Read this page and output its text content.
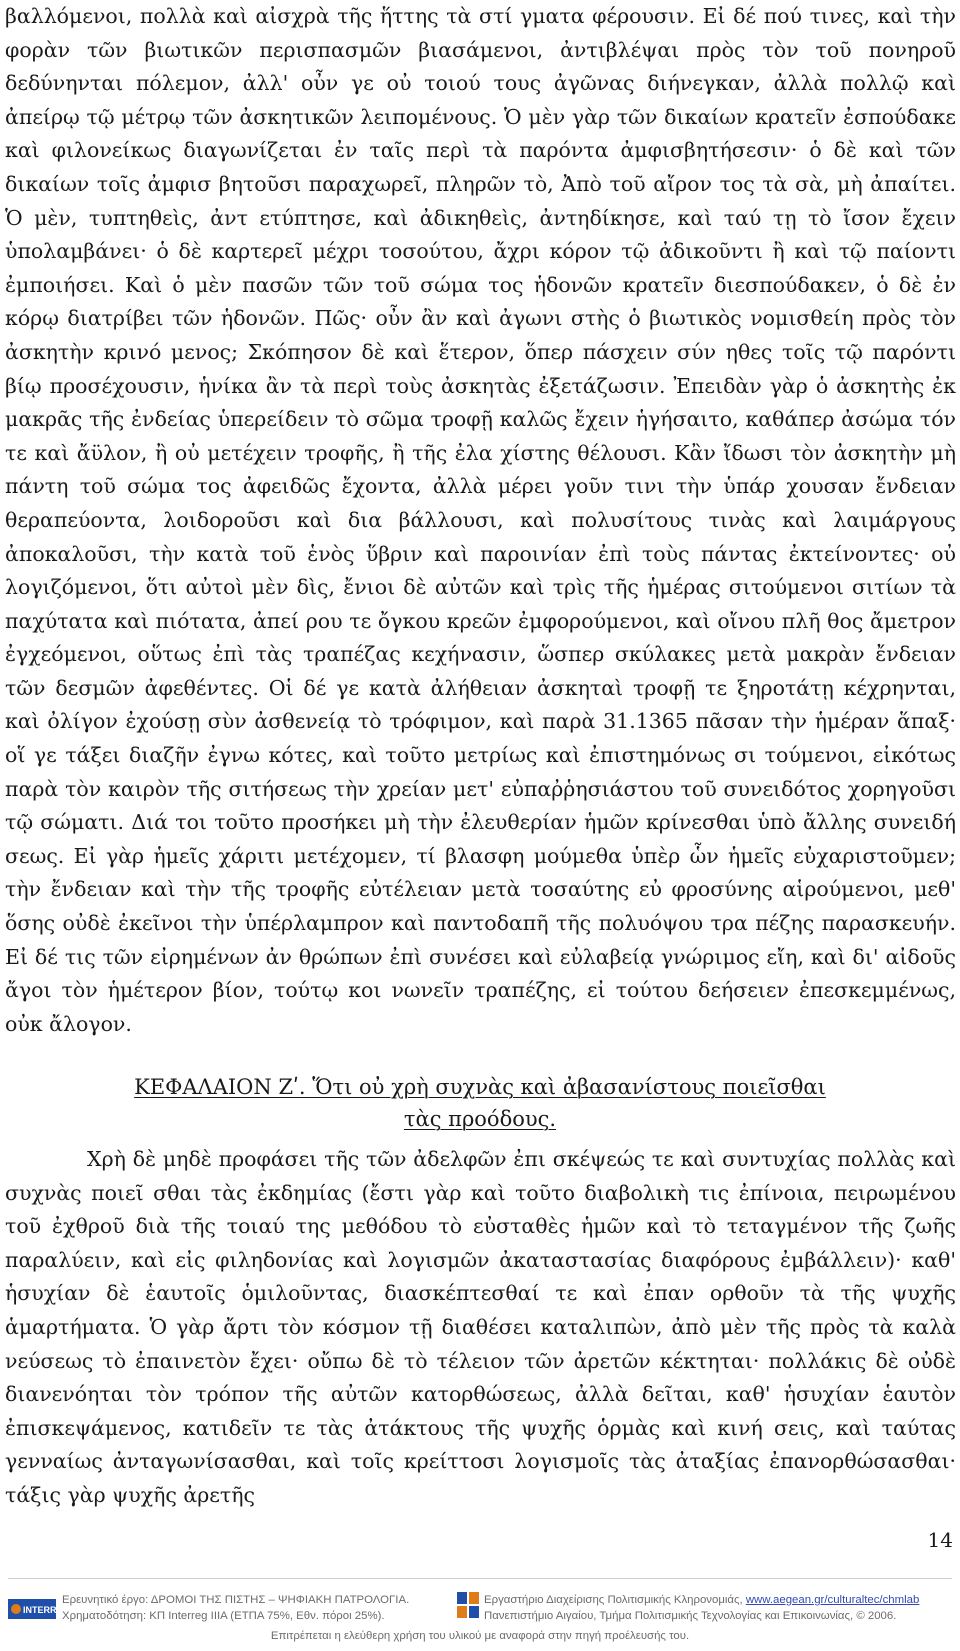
βαλλόμενοι, πολλὰ καὶ αἰσχρὰ τῆς ἥττης τὰ στί γματα φέρουσιν. Εἰ δέ πού τινες, καὶ τὴν φορὰν τῶν βιωτικῶν περισπασμῶν βιασάμενοι, ἀντιβλέψαι πρὸς τὸν τοῦ πονηροῦ δεδύνηνται πόλεμον, ἀλλ' οὖν γε οὐ τοιού τους ἀγῶνας διήνεγκαν, ἀλλὰ πολλῷ καὶ ἀπείρῳ τῷ μέτρῳ τῶν ἀσκητικῶν λειπομένους. Ὁ μὲν γὰρ τῶν δικαίων κρατεῖν ἐσπούδακε καὶ φιλονείκως διαγωνίζεται ἐν ταῖς περὶ τὰ παρόντα ἀμφισβητήσεσιν· ὁ δὲ καὶ τῶν δικαίων τοῖς ἀμφισ βητοῦσι παραχωρεῖ, πληρῶν τὸ, Ἀπὸ τοῦ αἴρον τος τὰ σὰ, μὴ ἀπαίτει. Ὁ μὲν, τυπτηθεὶς, ἀντ ετύπτησε, καὶ ἀδικηθεὶς, ἀντηδίκησε, καὶ ταύ τῃ τὸ ἴσον ἔχειν ὑπολαμβάνει· ὁ δὲ καρτερεῖ μέχρι τοσούτου, ἄχρι κόρον τῷ ἀδικοῦντι ἢ καὶ τῷ παίοντι ἐμποιήσει. Καὶ ὁ μὲν πασῶν τῶν τοῦ σώμα τος ἡδονῶν κρατεῖν διεσπούδακεν, ὁ δὲ ἐν κόρῳ διατρίβει τῶν ἡδονῶν. Πῶς· οὖν ἂν καὶ ἀγωνι στὴς ὁ βιωτικὸς νομισθείη πρὸς τὸν ἀσκητὴν κρινό μενος; Σκόπησον δὲ καὶ ἕτερον, ὅπερ πάσχειν σύν ηθες τοῖς τῷ παρόντι βίῳ προσέχουσιν, ἡνίκα ἂν τὰ περὶ τοὺς ἀσκητὰς ἐξετάζωσιν. Ἐπειδὰν γὰρ ὁ ἀσκητὴς ἐκ μακρᾶς τῆς ἐνδείας ὑπερείδειν τὸ σῶμα τροφῇ καλῶς ἔχειν ἡγήσαιτο, καθάπερ ἀσώμα τόν τε καὶ ἄϋλον, ἢ οὐ μετέχειν τροφῆς, ἢ τῆς ἐλα χίστης θέλουσι. Κἂν ἴδωσι τὸν ἀσκητὴν μὴ πάντη τοῦ σώμα τος ἀφειδῶς ἔχοντα, ἀλλὰ μέρει γοῦν τινι τὴν ὑπάρ χουσαν ἔνδειαν θεραπεύοντα, λοιδοροῦσι καὶ δια βάλλουσι, καὶ πολυσίτους τινὰς καὶ λαιμάργους ἀποκαλοῦσι, τὴν κατὰ τοῦ ἑνὸς ὕβριν καὶ παροινίαν ἐπὶ τοὺς πάντας ἐκτείνοντες· οὐ λογιζόμενοι, ὅτι αὐτοὶ μὲν δὶς, ἔνιοι δὲ αὐτῶν καὶ τρὶς τῆς ἡμέρας σιτούμενοι σιτίων τὰ παχύτατα καὶ πιότατα, ἀπεί ρου τε ὄγκου κρεῶν ἐμφορούμενοι, καὶ οἴνου πλῆ θος ἄμετρον ἐγχεόμενοι, οὕτως ἐπὶ τὰς τραπέζας κεχήνασιν, ὥσπερ σκύλακες μετὰ μακρὰν ἔνδειαν τῶν δεσμῶν ἀφεθέντες. Οἱ δέ γε κατὰ ἀλήθειαν ἀσκηταὶ τροφῇ τε ξηροτάτῃ κέχρηνται, καὶ ὀλίγον ἐχούσῃ σὺν ἀσθενείᾳ τὸ τρόφιμον, καὶ παρὰ 31.1365 πᾶσαν τὴν ἡμέραν ἅπαξ· οἵ γε τάξει διαζῆν ἐγνω κότες, καὶ τοῦτο μετρίως καὶ ἐπιστημόνως σι τούμενοι, εἰκότως παρὰ τὸν καιρὸν τῆς σιτήσεως τὴν χρείαν μετ' εὐπαῤῥησιάστου τοῦ συνειδότος χορηγοῦσι τῷ σώματι. Διά τοι τοῦτο προσήκει μὴ τὴν ἐλευθερίαν ἡμῶν κρίνεσθαι ὑπὸ ἄλλης συνειδή σεως. Εἰ γὰρ ἡμεῖς χάριτι μετέχομεν, τί βλασφη μούμεθα ὑπὲρ ὧν ἡμεῖς εὐχαριστοῦμεν; τὴν ἔνδειαν καὶ τὴν τῆς τροφῆς εὐτέλειαν μετὰ τοσαύτης εὐ φροσύνης αἱρούμενοι, μεθ' ὅσης οὐδὲ ἐκεῖνοι τὴν ὑπέρλαμπρον καὶ παντοδαπῆ τῆς πολυόψου τρα πέζης παρασκευήν. Εἰ δέ τις τῶν εἰρημένων ἀν θρώπων ἐπὶ συνέσει καὶ εὐλαβείᾳ γνώριμος εἴη, καὶ δι' αἰδοῦς ἄγοι τὸν ἡμέτερον βίον, τούτῳ κοι νωνεῖν τραπέζης, εἰ τούτου δεήσειεν ἐπεσκεμμένως, οὐκ ἄλογον.

ΚΕΦΑΛΑΙΟΝ Ζʹ. Ὅτι οὐ χρὴ συχνὰς καὶ ἀβασανίστους ποιεῖσθαι τὰς προόδους.

Χρὴ δὲ μηδὲ προφάσει τῆς τῶν ἀδελφῶν ἐπι σκέψεώς τε καὶ συντυχίας πολλὰς καὶ συχνὰς ποιεῖ σθαι τὰς ἐκδημίας (ἔστι γὰρ καὶ τοῦτο διαβολικὴ τις ἐπίνοια, πειρωμένου τοῦ ἐχθροῦ διὰ τῆς τοιαύ της μεθόδου τὸ εὐσταθὲς ἡμῶν καὶ τὸ τεταγμένον τῆς ζωῆς παραλύειν, καὶ εἰς φιληδονίας καὶ λογισμῶν ἀκαταστασίας διαφόρους ἐμβάλλειν)· καθ' ἡσυχίαν δὲ ἑαυτοῖς ὁμιλοῦντας, διασκέπτεσθαί τε καὶ ἐπαν ορθοῦν τὰ τῆς ψυχῆς ἁμαρτήματα. Ὁ γὰρ ἄρτι τὸν κόσμον τῇ διαθέσει καταλιπὼν, ἀπὸ μὲν τῆς πρὸς τὰ καλὰ νεύσεως τὸ ἐπαινετὸν ἔχει· οὔπω δὲ τὸ τέλειον τῶν ἀρετῶν κέκτηται· πολλάκις δὲ οὐδὲ διανενόηται τὸν τρόπον τῆς αὐτῶν κατορθώσεως, ἀλλὰ δεῖται, καθ' ἡσυχίαν ἑαυτὸν ἐπισκεψάμενος, κατιδεῖν τε τὰς ἀτάκτους τῆς ψυχῆς ὁρμὰς καὶ κινή σεις, καὶ ταύτας γενναίως ἀνταγωνίσασθαι, καὶ τοῖς κρείττοσι λογισμοῖς τὰς ἀταξίας ἐπανορθώσασθαι· τάξις γὰρ ψυχῆς ἀρετῆς

14
INTERREG III
Ερευνητικό έργο: ΔΡΟΜΟΙ ΤΗΣ ΠΙΣΤΗΣ – ΨΗΦΙΑΚΗ ΠΑΤΡΟΛΟΓΙΑ.
Χρηματοδότηση: ΚΠ Interreg IIIA (ΕΤΠΑ 75%, Εθν. πόροι 25%).
Εργαστήριο Διαχείρισης Πολιτισμικής Κληρονομιάς, www.aegean.gr/culturaltec/chmlab
Πανεπιστήμιο Αιγαίου, Τμήμα Πολιτισμικής Τεχνολογίας και Επικοινωνίας, © 2006.
Επιτρέπεται η ελεύθερη χρήση του υλικού με αναφορά στην πηγή προέλευσής του.
